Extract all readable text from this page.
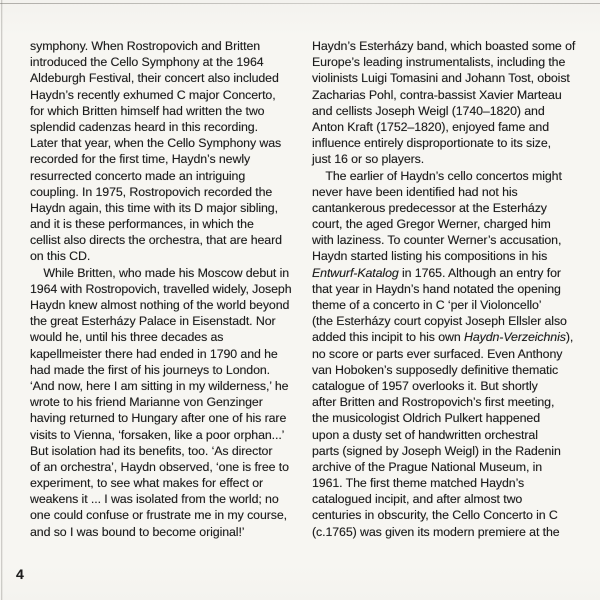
symphony. When Rostropovich and Britten
introduced the Cello Symphony at the 1964
Aldeburgh Festival, their concert also included
Haydn’s recently exhumed C major Concerto,
for which Britten himself had written the two
splendid cadenzas heard in this recording.
Later that year, when the Cello Symphony was
recorded for the first time, Haydn’s newly
resurrected concerto made an intriguing
coupling. In 1975, Rostropovich recorded the
Haydn again, this time with its D major sibling,
and it is these performances, in which the
cellist also directs the orchestra, that are heard
on this CD.
While Britten, who made his Moscow debut in
1964 with Rostropovich, travelled widely, Joseph
Haydn knew almost nothing of the world beyond
the great Esterházy Palace in Eisenstadt. Nor
would he, until his three decades as
kapellmeister there had ended in 1790 and he
had made the first of his journeys to London.
‘And now, here I am sitting in my wilderness,’ he
wrote to his friend Marianne von Genzinger
having returned to Hungary after one of his rare
visits to Vienna, ‘forsaken, like a poor orphan...’
But isolation had its benefits, too. ‘As director
of an orchestra’, Haydn observed, ‘one is free to
experiment, to see what makes for effect or
weakens it ... I was isolated from the world; no
one could confuse or frustrate me in my course,
and so I was bound to become original!’
Haydn’s Esterházy band, which boasted some of
Europe’s leading instrumentalists, including the
violinists Luigi Tomasini and Johann Tost, oboist
Zacharias Pohl, contra-bassist Xavier Marteau
and cellists Joseph Weigl (1740–1820) and
Anton Kraft (1752–1820), enjoyed fame and
influence entirely disproportionate to its size,
just 16 or so players.
The earlier of Haydn’s cello concertos might
never have been identified had not his
cantankerous predecessor at the Esterházy
court, the aged Gregor Werner, charged him
with laziness. To counter Werner’s accusation,
Haydn started listing his compositions in his
Entwurf-Katalog in 1765. Although an entry for
that year in Haydn’s hand notated the opening
theme of a concerto in C ‘per il Violoncello’
(the Esterházy court copyist Joseph Ellsler also
added this incipit to his own Haydn-Verzeichnis),
no score or parts ever surfaced. Even Anthony
van Hoboken’s supposedly definitive thematic
catalogue of 1957 overlooks it. But shortly
after Britten and Rostropovich’s first meeting,
the musicologist Oldrich Pulkert happened
upon a dusty set of handwritten orchestral
parts (signed by Joseph Weigl) in the Radenin
archive of the Prague National Museum, in
1961. The first theme matched Haydn’s
catalogued incipit, and after almost two
centuries in obscurity, the Cello Concerto in C
(c.1765) was given its modern premiere at the
4
